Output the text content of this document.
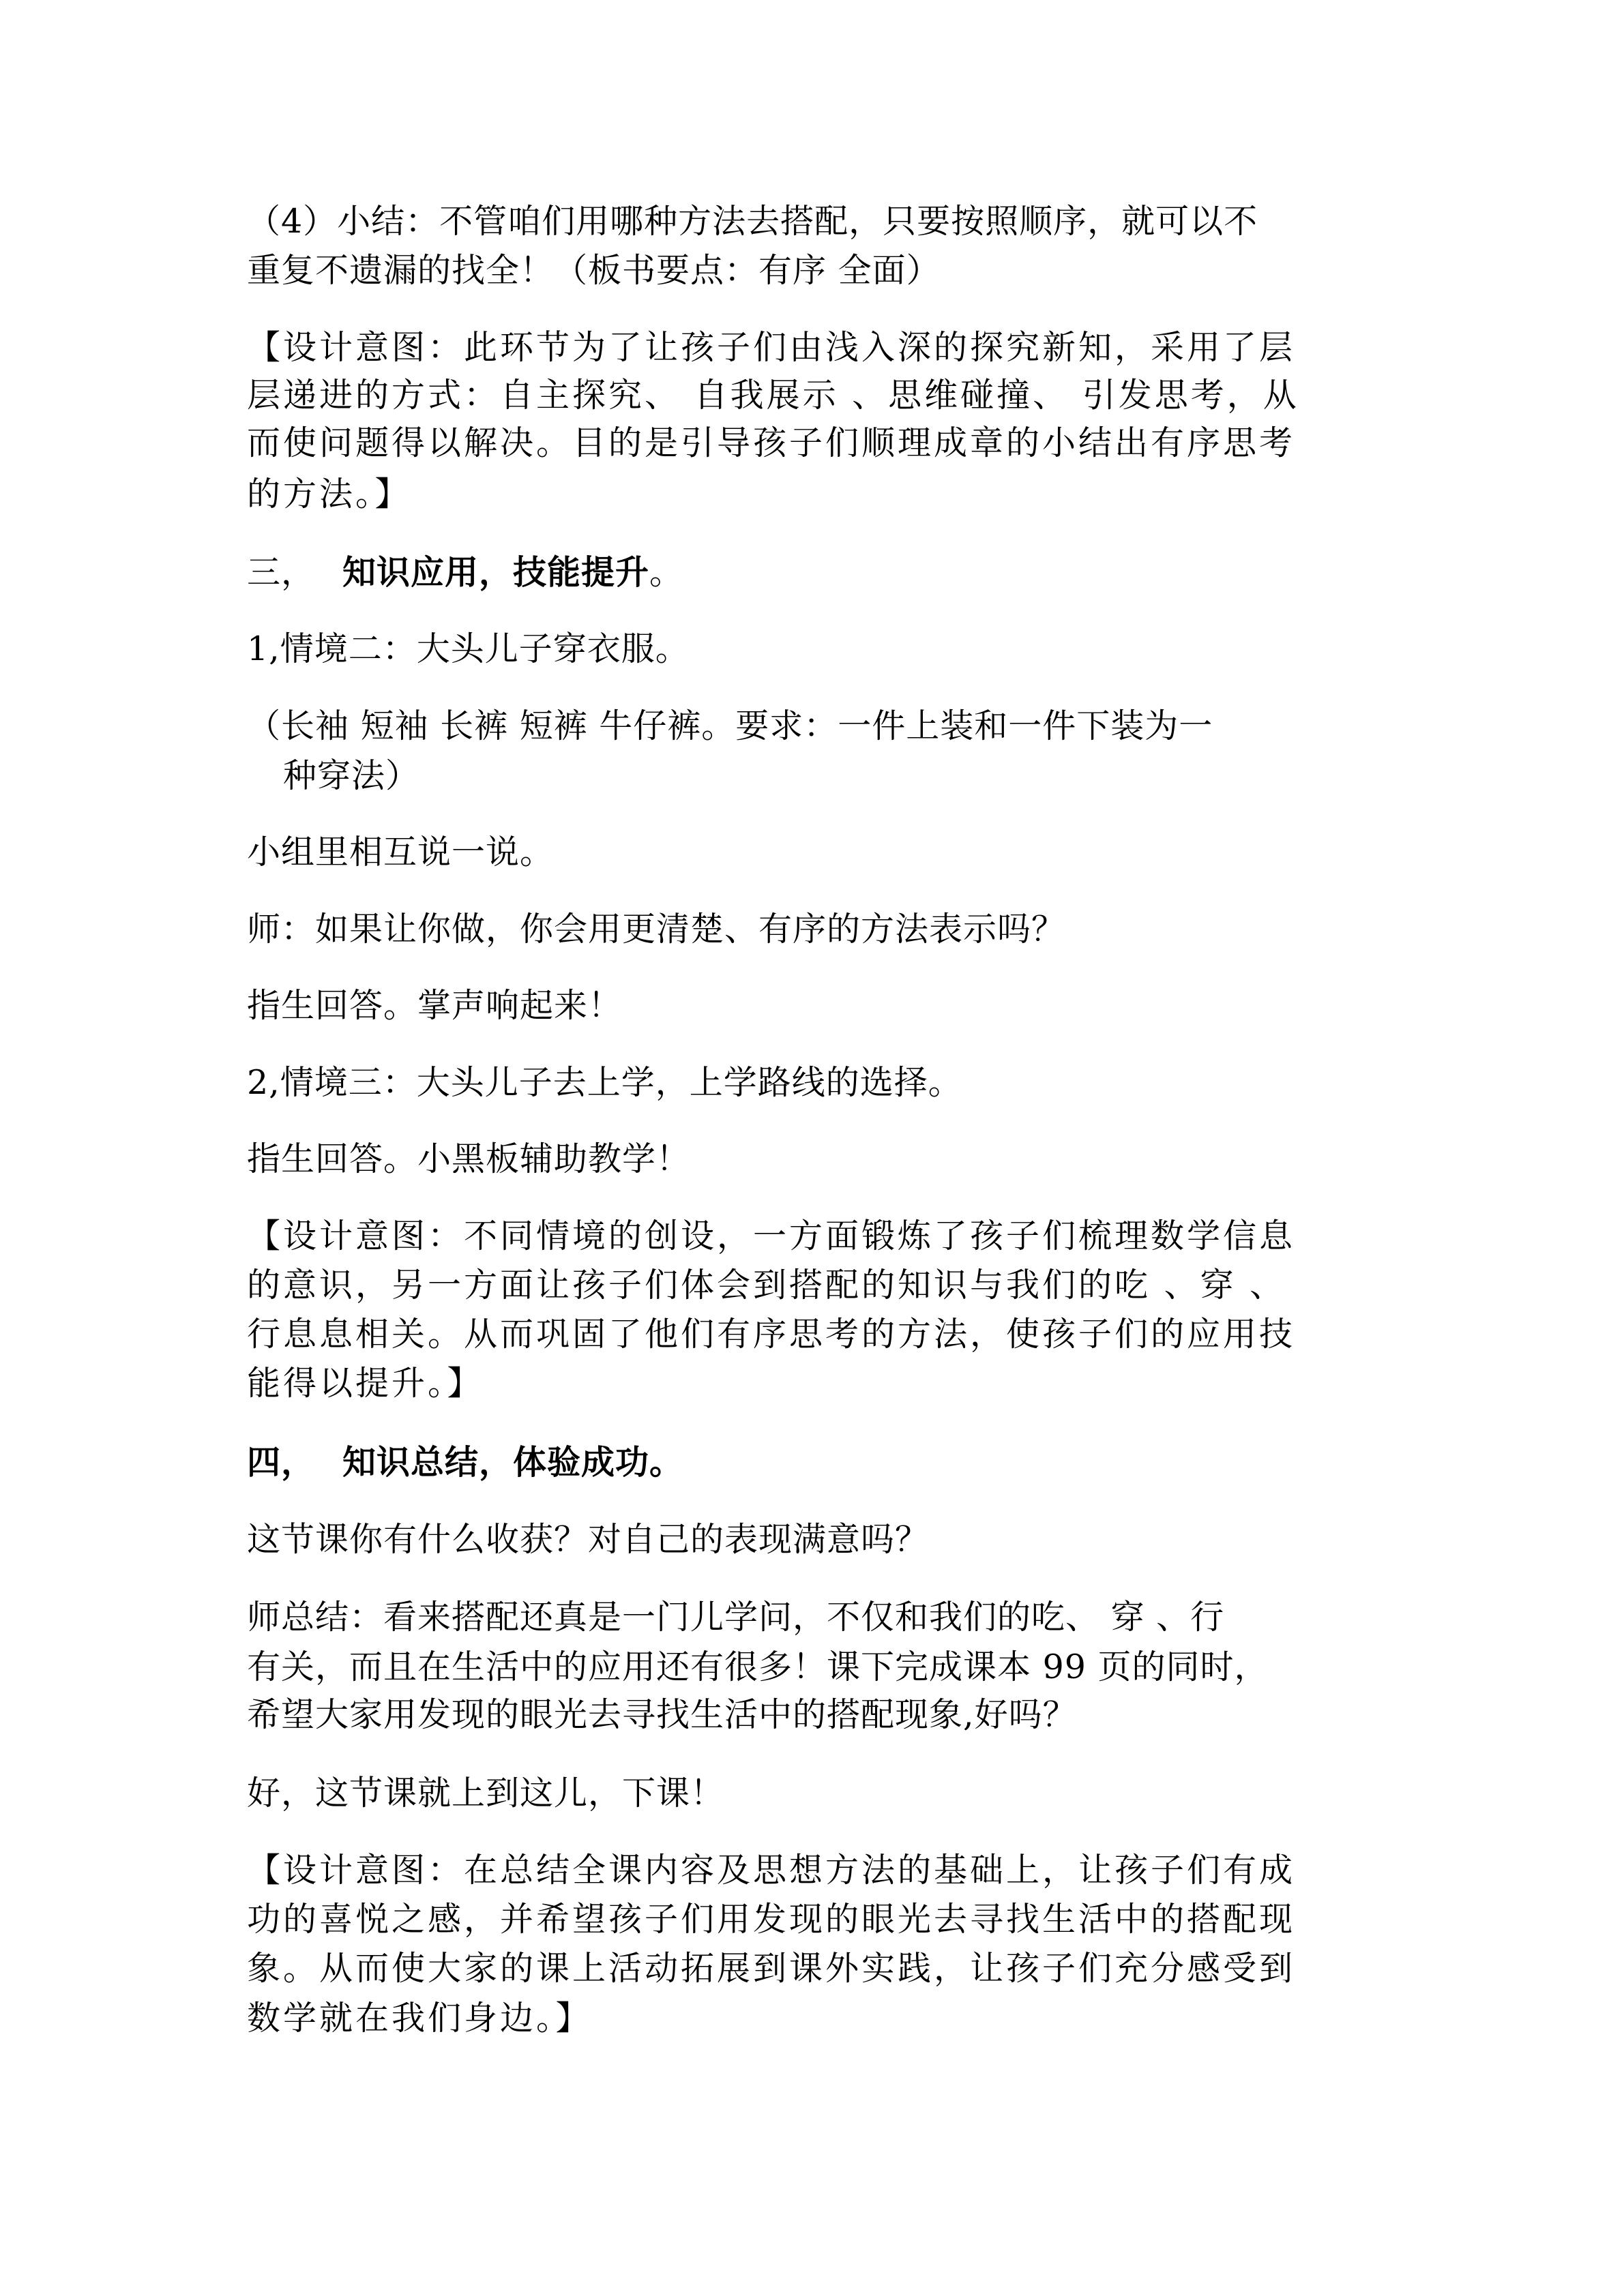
（4）小结：不管咱们用哪种方法去搭配，只要按照顺序，就可以不
重复不遗漏的找全！（板书要点：有序 全面）
【设计意图：此环节为了让孩子们由浅入深的探究新知，采用了层
层递进的方式：自主探究、 自我展示 、思维碰撞、 引发思考，从
而使问题得以解决。目的是引导孩子们顺理成章的小结出有序思考
的方法。】
三， 知识应用，技能提升。
1,情境二：大头儿子穿衣服。
（长袖 短袖 长裤 短裤 牛仔裤。要求：一件上装和一件下装为一
种穿法）
小组里相互说一说。
师：如果让你做，你会用更清楚、有序的方法表示吗？
指生回答。掌声响起来！
2,情境三：大头儿子去上学，上学路线的选择。
指生回答。小黑板辅助教学！
【设计意图：不同情境的创设，一方面锻炼了孩子们梳理数学信息
的意识，另一方面让孩子们体会到搭配的知识与我们的吃 、穿 、
行息息相关。从而巩固了他们有序思考的方法，使孩子们的应用技
能得以提升。】
四， 知识总结，体验成功。
这节课你有什么收获？对自己的表现满意吗？
师总结：看来搭配还真是一门儿学问，不仅和我们的吃、 穿 、行
有关，而且在生活中的应用还有很多！课下完成课本 99 页的同时，
希望大家用发现的眼光去寻找生活中的搭配现象,好吗？
好，这节课就上到这儿，下课！
【设计意图：在总结全课内容及思想方法的基础上，让孩子们有成
功的喜悦之感，并希望孩子们用发现的眼光去寻找生活中的搭配现
象。从而使大家的课上活动拓展到课外实践，让孩子们充分感受到
数学就在我们身边。】
